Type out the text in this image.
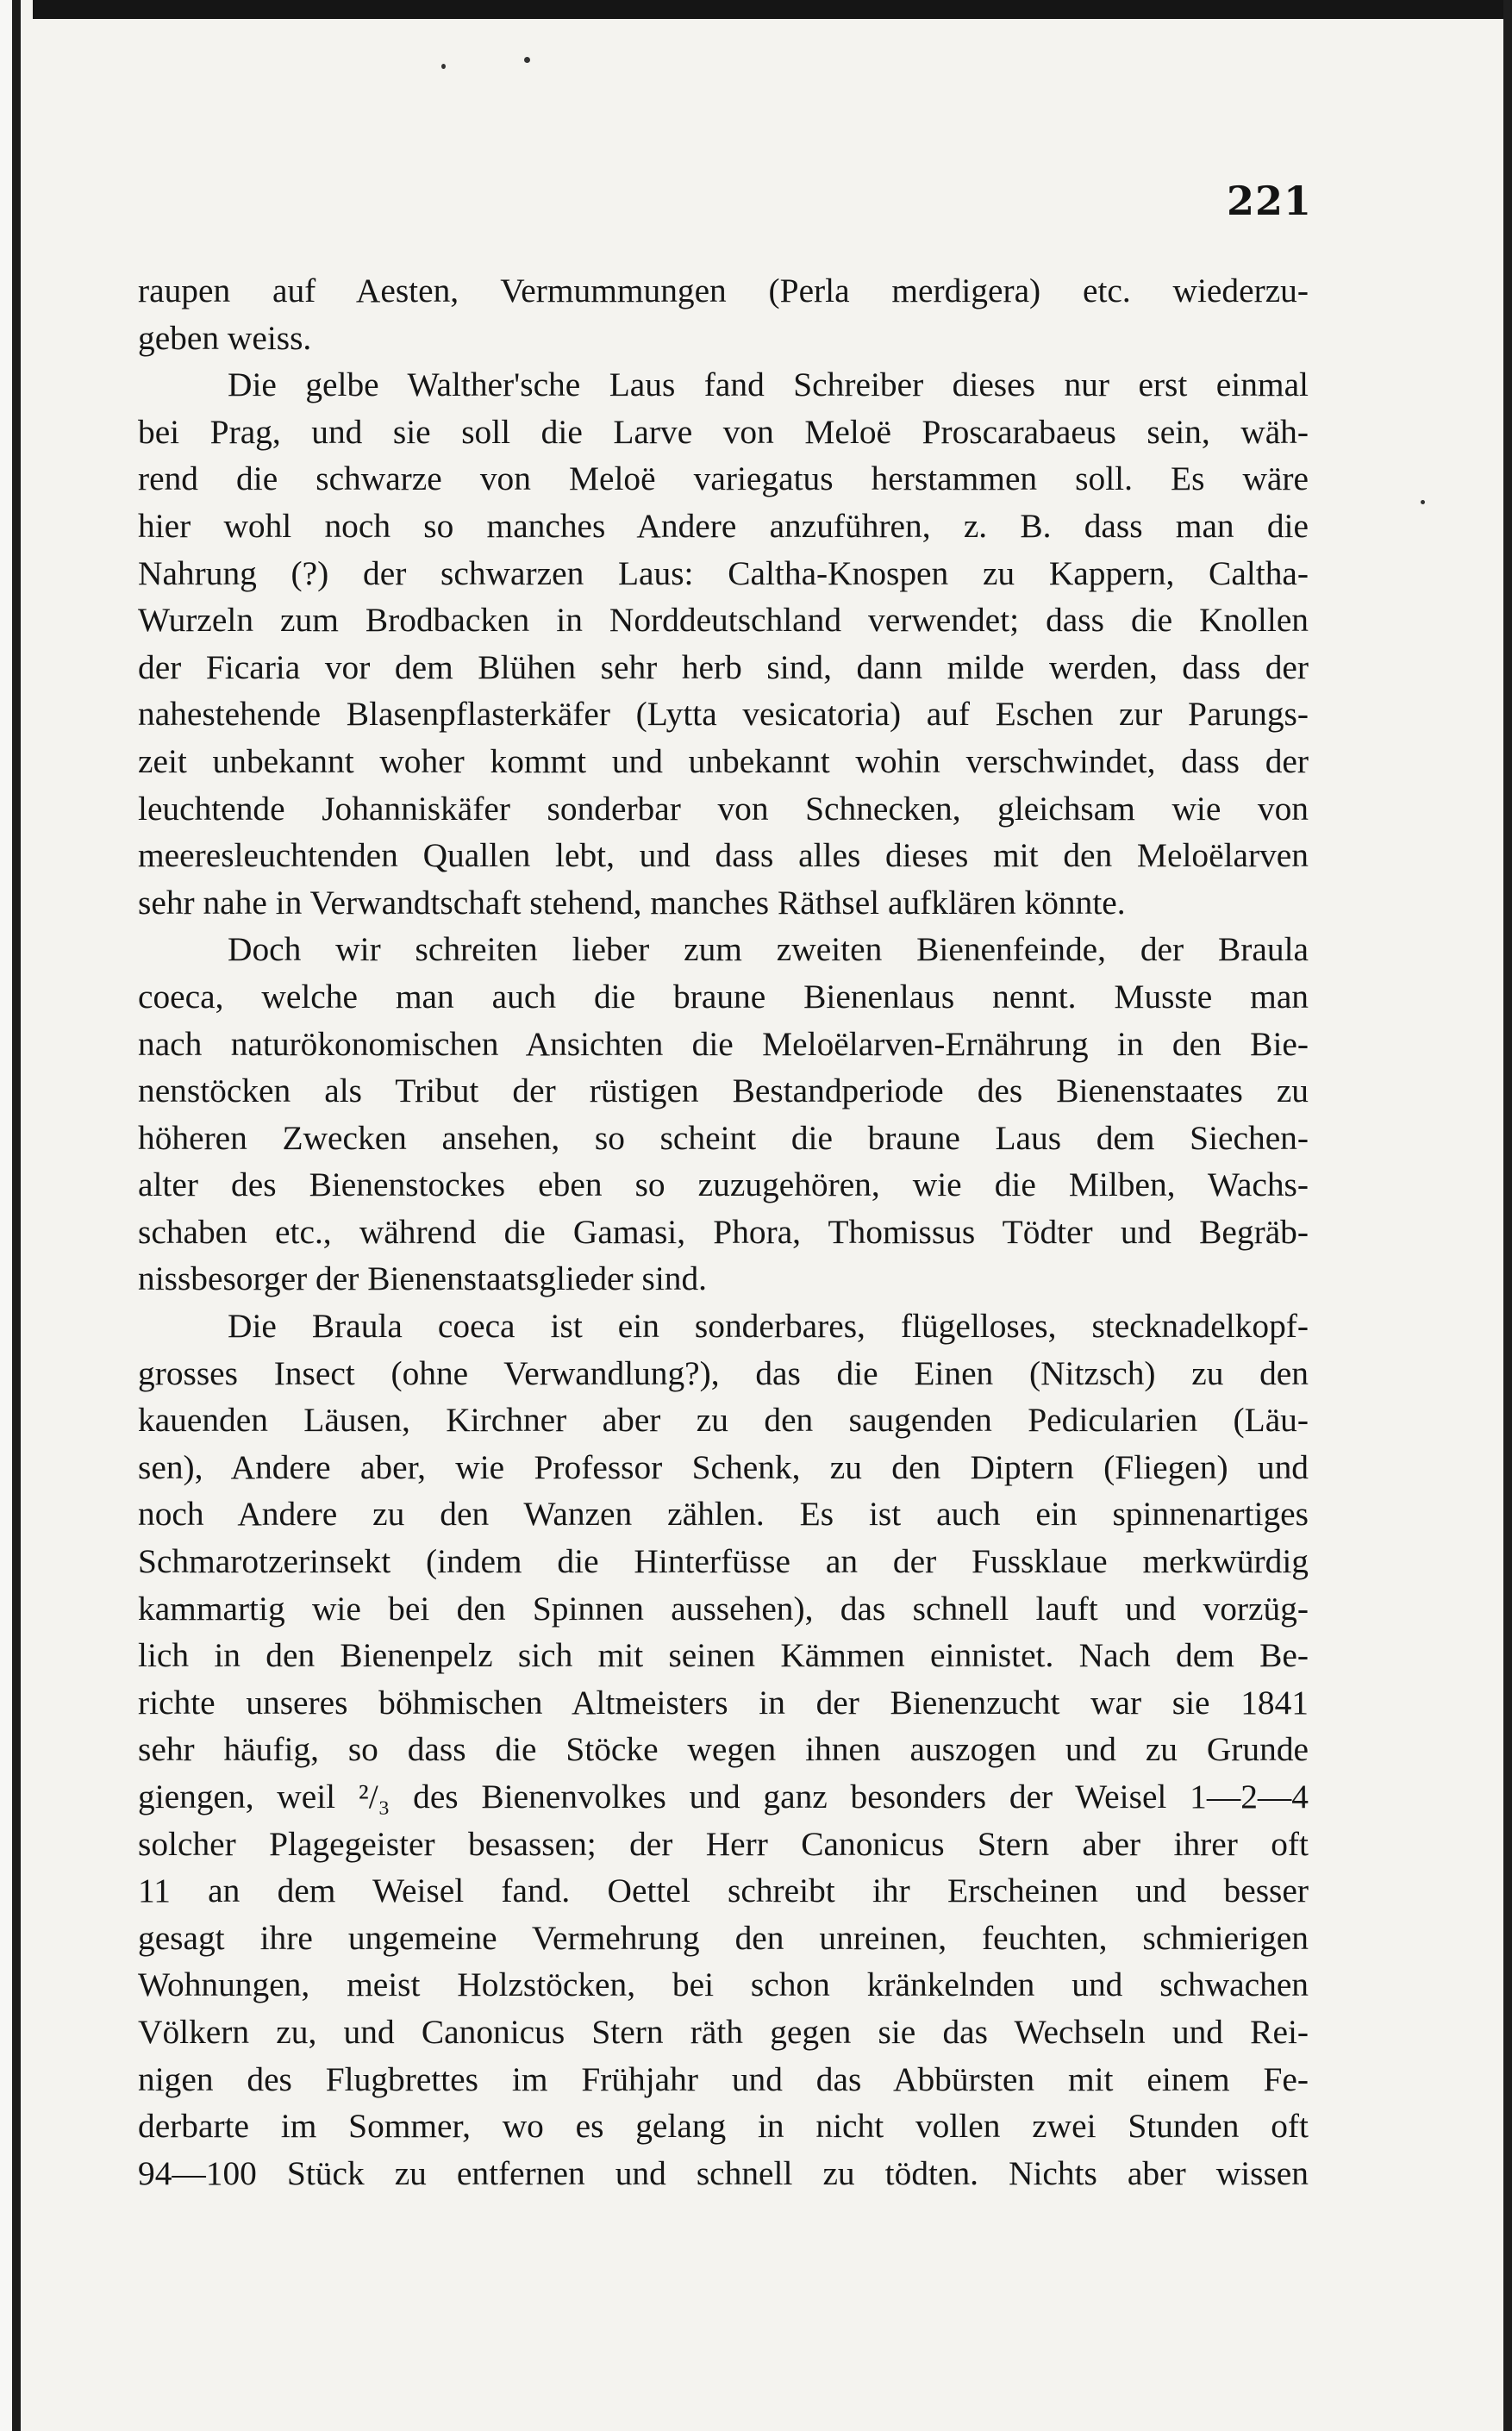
221
raupen auf Aesten, Vermummungen (Perla merdigera) etc. wiederzu-
geben weiss.
Die gelbe Walther'sche Laus fand Schreiber dieses nur erst einmal
bei Prag, und sie soll die Larve von Meloë Proscarabaeus sein, wäh-
rend die schwarze von Meloë variegatus herstammen soll. Es wäre
hier wohl noch so manches Andere anzuführen, z. B. dass man die
Nahrung (?) der schwarzen Laus: Caltha-Knospen zu Kappern, Caltha-
Wurzeln zum Brodbacken in Norddeutschland verwendet; dass die Knollen
der Ficaria vor dem Blühen sehr herb sind, dann milde werden, dass der
nahestehende Blasenpflasterkäfer (Lytta vesicatoria) auf Eschen zur Parungs-
zeit unbekannt woher kommt und unbekannt wohin verschwindet, dass der
leuchtende Johanniskäfer sonderbar von Schnecken, gleichsam wie von
meeresleuchtenden Quallen lebt, und dass alles dieses mit den Meloëlarven
sehr nahe in Verwandtschaft stehend, manches Räthsel aufklären könnte.
Doch wir schreiten lieber zum zweiten Bienenfeinde, der Braula
coeca, welche man auch die braune Bienenlaus nennt. Musste man
nach naturökonomischen Ansichten die Meloëlarven-Ernährung in den Bie-
nenstöcken als Tribut der rüstigen Bestandperiode des Bienenstaates zu
höheren Zwecken ansehen, so scheint die braune Laus dem Siechen-
alter des Bienenstockes eben so zuzugehören, wie die Milben, Wachs-
schaben etc., während die Gamasi, Phora, Thomissus Tödter und Begräb-
nissbesorger der Bienenstaatsglieder sind.
Die Braula coeca ist ein sonderbares, flügelloses, stecknadelkopf-
grosses Insect (ohne Verwandlung?), das die Einen (Nitzsch) zu den
kauenden Läusen, Kirchner aber zu den saugenden Pedicularien (Läu-
sen), Andere aber, wie Professor Schenk, zu den Diptern (Fliegen) und
noch Andere zu den Wanzen zählen. Es ist auch ein spinnenartiges
Schmarotzerinsekt (indem die Hinterfüsse an der Fussklaue merkwürdig
kammartig wie bei den Spinnen aussehen), das schnell lauft und vorzüg-
lich in den Bienenpelz sich mit seinen Kämmen einnistet. Nach dem Be-
richte unseres böhmischen Altmeisters in der Bienenzucht war sie 1841
sehr häufig, so dass die Stöcke wegen ihnen auszogen und zu Grunde
giengen, weil ²/₃ des Bienenvolkes und ganz besonders der Weisel 1—2—4
solcher Plagegeister besassen; der Herr Canonicus Stern aber ihrer oft
11 an dem Weisel fand. Oettel schreibt ihr Erscheinen und besser
gesagt ihre ungemeine Vermehrung den unreinen, feuchten, schmierigen
Wohnungen, meist Holzstöcken, bei schon kränkelnden und schwachen
Völkern zu, und Canonicus Stern räth gegen sie das Wechseln und Rei-
nigen des Flugbrettes im Frühjahr und das Abbürsten mit einem Fe-
derbarte im Sommer, wo es gelang in nicht vollen zwei Stunden oft
94—100 Stück zu entfernen und schnell zu tödten. Nichts aber wissen
